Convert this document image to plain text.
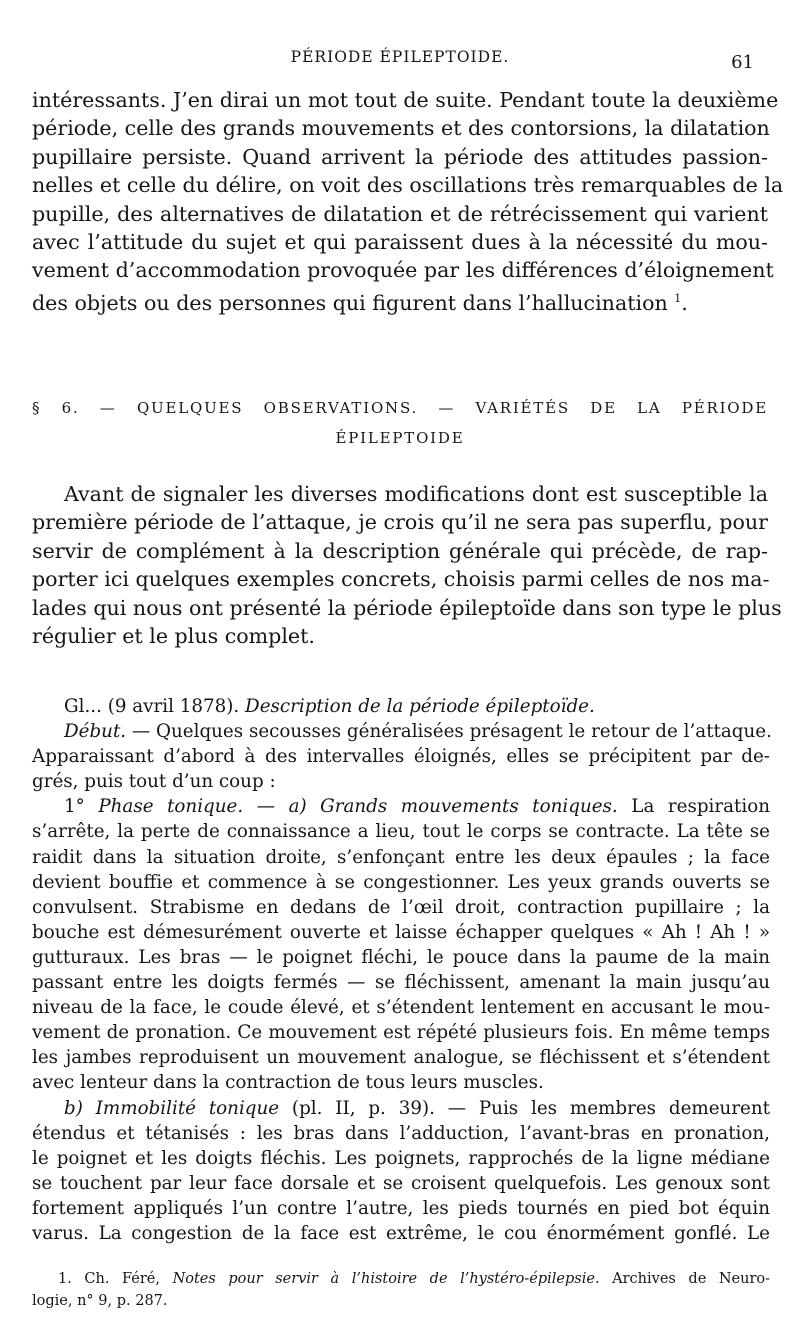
PÉRIODE ÉPILEPTOIDE.	61
intéressants. J’en dirai un mot tout de suite. Pendant toute la deuxième
période, celle des grands mouvements et des contorsions, la dilatation
pupillaire persiste. Quand arrivent la période des attitudes passion-
nelles et celle du délire, on voit des oscillations très remarquables de la
pupille, des alternatives de dilatation et de rétrécissement qui varient
avec l’attitude du sujet et qui paraissent dues à la nécessité du mou-
vement d’accommodation provoquée par les différences d’éloignement
des objets ou des personnes qui figurent dans l’hallucination $^1$.
§ 6. — QUELQUES OBSERVATIONS. — VARIÉTÉS DE LA PÉRIODE
ÉPILEPTOIDE
Avant de signaler les diverses modifications dont est susceptible la
première période de l’attaque, je crois qu’il ne sera pas superflu, pour
servir de complément à la description générale qui précède, de rap-
porter ici quelques exemples concrets, choisis parmi celles de nos ma-
lades qui nous ont présenté la période épileptoïde dans son type le plus
régulier et le plus complet.
Gl... (9 avril 1878). Description de la période épileptoïde.
Début. — Quelques secousses généralisées présagent le retour de l’attaque.
Apparaissant d’abord à des intervalles éloignés, elles se précipitent par de-
grés, puis tout d’un coup :
1° Phase tonique. — a) Grands mouvements toniques. La respiration
s’arrête, la perte de connaissance a lieu, tout le corps se contracte. La tête se
raidit dans la situation droite, s’enfonçant entre les deux épaules ; la face
devient bouffie et commence à se congestionner. Les yeux grands ouverts se
convulsent. Strabisme en dedans de l’œil droit, contraction pupillaire ; la
bouche est démesurément ouverte et laisse échapper quelques « Ah ! Ah ! »
gutturaux. Les bras — le poignet fléchi, le pouce dans la paume de la main
passant entre les doigts fermés — se fléchissent, amenant la main jusqu’au
niveau de la face, le coude élevé, et s’étendent lentement en accusant le mou-
vement de pronation. Ce mouvement est répété plusieurs fois. En même temps
les jambes reproduisent un mouvement analogue, se fléchissent et s’étendent
avec lenteur dans la contraction de tous leurs muscles.
b) Immobilité tonique (pl. II, p. 39). — Puis les membres demeurent
étendus et tétanisés : les bras dans l’adduction, l’avant-bras en pronation,
le poignet et les doigts fléchis. Les poignets, rapprochés de la ligne médiane
se touchent par leur face dorsale et se croisent quelquefois. Les genoux sont
fortement appliqués l’un contre l’autre, les pieds tournés en pied bot équin
varus. La congestion de la face est extrême, le cou énormément gonflé. Le
1. Ch. Féré, Notes pour servir à l’histoire de l’hystéro-épilepsie. Archives de Neuro-
logie, n° 9, p. 287.
